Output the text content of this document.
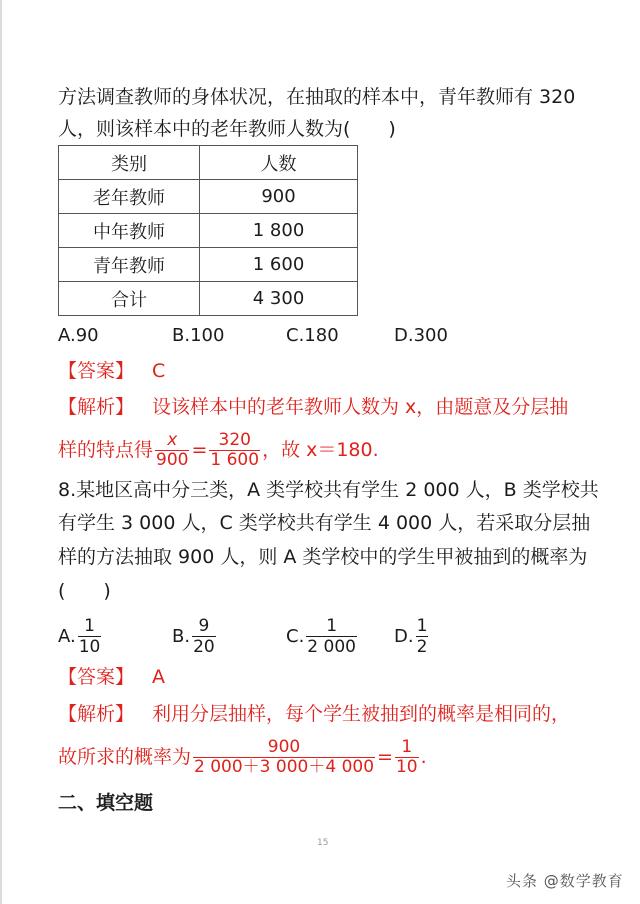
方法调查教师的身体状况，在抽取的样本中，青年教师有 320
人，则该样本中的老年教师人数为(　　)
类别	人数
老年教师	900
中年教师	1 800
青年教师	1 600
合计	4 300
A.90	B.100	C.180	D.300
【答案】 C
【解析】 设该样本中的老年教师人数为 x，由题意及分层抽
样的特点得 $\frac{x}{900} = \frac{320}{1 600}$ ，故 x＝180.
8.某地区高中分三类，A 类学校共有学生 2 000 人，B 类学校共
有学生 3 000 人，C 类学校共有学生 4 000 人，若采取分层抽
样的方法抽取 900 人，则 A 类学校中的学生甲被抽到的概率为
(　　)
A. $\frac{1}{10}$	B. $\frac{9}{20}$	C. $\frac{1}{2 000} D$. $\frac{1}{2}$
【答案】 A
【解析】 利用分层抽样，每个学生被抽到的概率是相同的，
故所求的概率为 $\frac{900}{2 000+3 000+4 000} = \frac{1}{10}$ .
二、填空题
15
头条 @数学教育
